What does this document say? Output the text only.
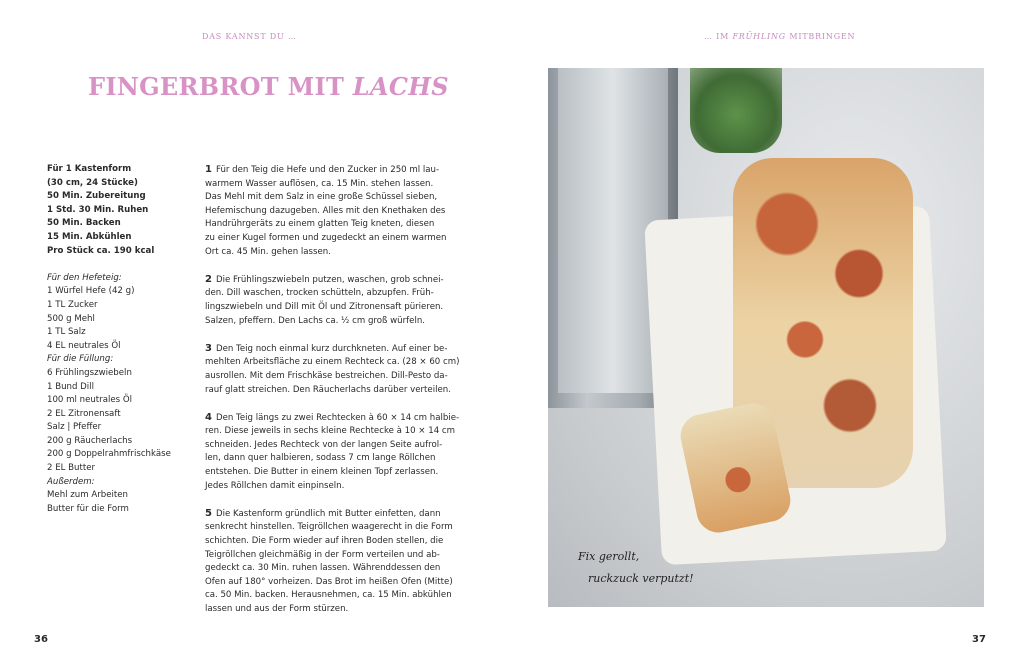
DAS KANNST DU …	… IM FRÜHLING MITBRINGEN
FINGERBROT MIT LACHS
Für 1 Kastenform
(30 cm, 24 Stücke)
50 Min. Zubereitung
1 Std. 30 Min. Ruhen
50 Min. Backen
15 Min. Abkühlen
Pro Stück ca. 190 kcal
Für den Hefeteig:
1 Würfel Hefe (42 g)
1 TL Zucker
500 g Mehl
1 TL Salz
4 EL neutrales Öl
Für die Füllung:
6 Frühlingszwiebeln
1 Bund Dill
100 ml neutrales Öl
2 EL Zitronensaft
Salz | Pfeffer
200 g Räucherlachs
200 g Doppelrahmfrischkäse
2 EL Butter
Außerdem:
Mehl zum Arbeiten
Butter für die Form
1 Für den Teig die Hefe und den Zucker in 250 ml lau-
warmem Wasser auflösen, ca. 15 Min. stehen lassen.
Das Mehl mit dem Salz in eine große Schüssel sieben,
Hefemischung dazugeben. Alles mit den Knethaken des
Handrührgeräts zu einem glatten Teig kneten, diesen
zu einer Kugel formen und zugedeckt an einem warmen
Ort ca. 45 Min. gehen lassen.
2 Die Frühlingszwiebeln putzen, waschen, grob schnei-
den. Dill waschen, trocken schütteln, abzupfen. Früh-
lingszwiebeln und Dill mit Öl und Zitronensaft pürieren.
Salzen, pfeffern. Den Lachs ca. ½ cm groß würfeln.
3 Den Teig noch einmal kurz durchkneten. Auf einer be-
mehlten Arbeitsfläche zu einem Rechteck ca. (28 × 60 cm)
ausrollen. Mit dem Frischkäse bestreichen. Dill-Pesto da-
rauf glatt streichen. Den Räucherlachs darüber verteilen.
4 Den Teig längs zu zwei Rechtecken à 60 × 14 cm halbie-
ren. Diese jeweils in sechs kleine Rechtecke à 10 × 14 cm
schneiden. Jedes Rechteck von der langen Seite aufrol-
len, dann quer halbieren, sodass 7 cm lange Röllchen
entstehen. Die Butter in einem kleinen Topf zerlassen.
Jedes Röllchen damit einpinseln.
5 Die Kastenform gründlich mit Butter einfetten, dann
senkrecht hinstellen. Teigröllchen waagerecht in die Form
schichten. Die Form wieder auf ihren Boden stellen, die
Teigröllchen gleichmäßig in der Form verteilen und ab-
gedeckt ca. 30 Min. ruhen lassen. Währenddessen den
Ofen auf 180° vorheizen. Das Brot im heißen Ofen (Mitte)
ca. 50 Min. backen. Herausnehmen, ca. 15 Min. abkühlen
lassen und aus der Form stürzen.
Fix gerollt,
ruckzuck verputzt!
36	37
